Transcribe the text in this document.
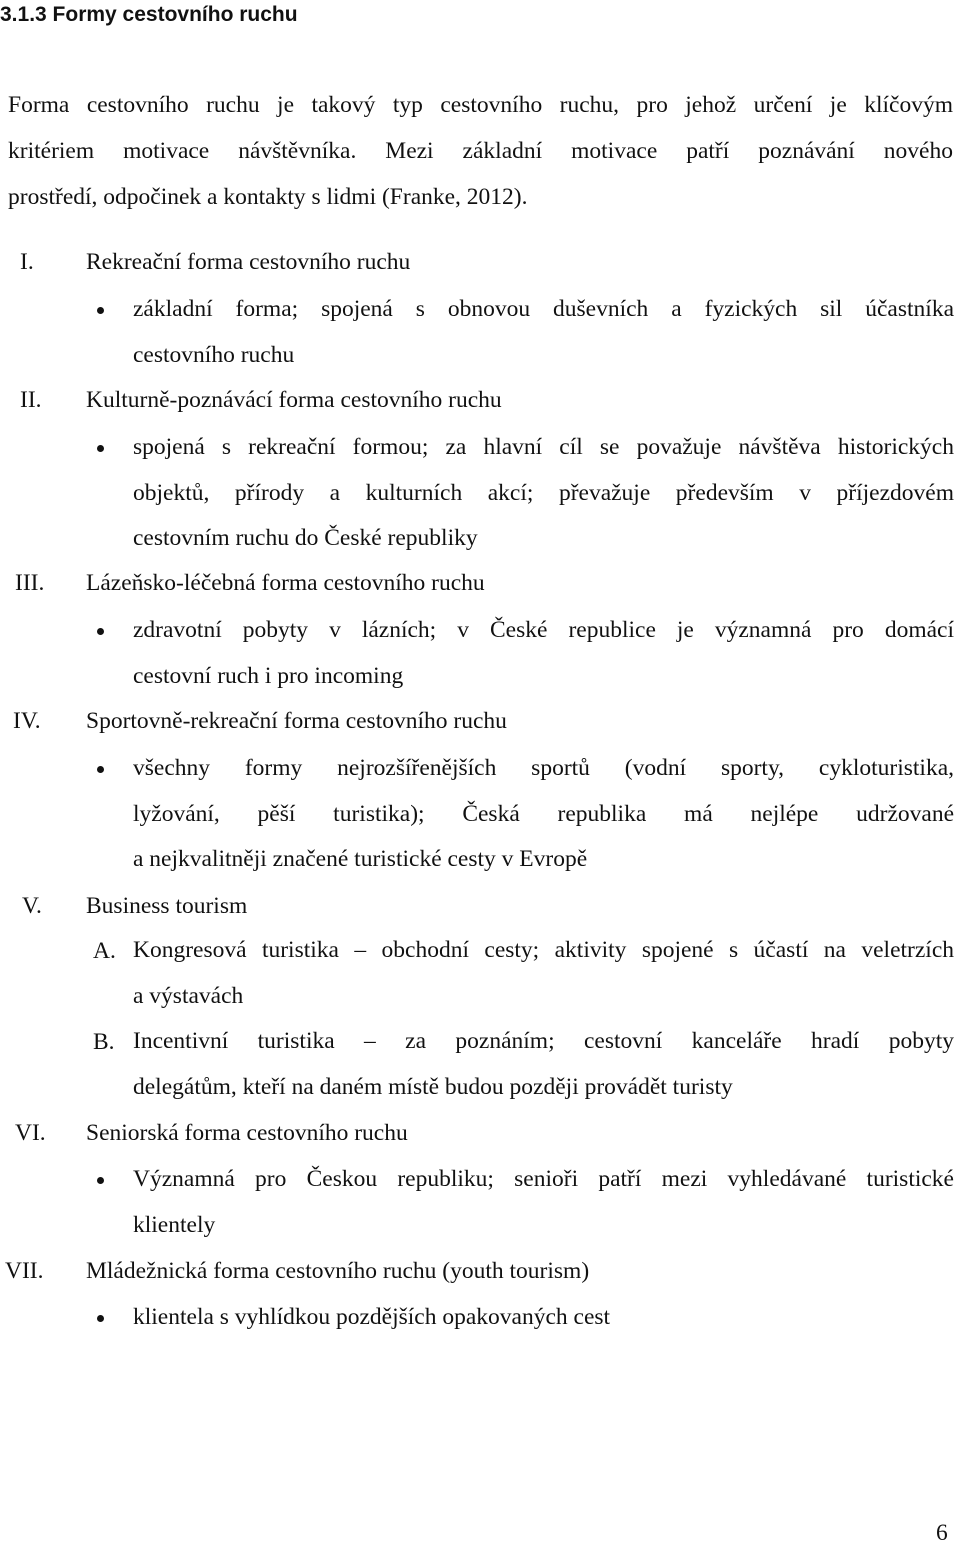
3.1.3 Formy cestovního ruchu
Forma cestovního ruchu je takový typ cestovního ruchu, pro jehož určení je klíčovým
kritériem motivace návštěvníka. Mezi základní motivace patří poznávání nového
prostředí, odpočinek a kontakty s lidmi (Franke, 2012).
I. Rekreační forma cestovního ruchu
základní forma; spojená s obnovou duševních a fyzických sil účastníka
cestovního ruchu
II. Kulturně-poznávácí forma cestovního ruchu
spojená s rekreační formou; za hlavní cíl se považuje návštěva historických
objektů, přírody a kulturních akcí; převažuje především v příjezdovém
cestovním ruchu do České republiky
III. Lázeňsko-léčebná forma cestovního ruchu
zdravotní pobyty v lázních; v České republice je významná pro domácí
cestovní ruch i pro incoming
IV. Sportovně-rekreační forma cestovního ruchu
všechny formy nejrozšířenějších sportů (vodní sporty, cykloturistika,
lyžování, pěší turistika); Česká republika má nejlépe udržované
a nejkvalitněji značené turistické cesty v Evropě
V. Business tourism
A. Kongresová turistika – obchodní cesty; aktivity spojené s účastí na veletrzích
a výstavách
B. Incentivní turistika – za poznáním; cestovní kanceláře hradí pobyty
delegátům, kteří na daném místě budou později provádět turisty
VI. Seniorská forma cestovního ruchu
Významná pro Českou republiku; senioři patří mezi vyhledávané turistické
klientely
VII. Mládežnická forma cestovního ruchu (youth tourism)
klientela s vyhlídkou pozdějších opakovaných cest
6
